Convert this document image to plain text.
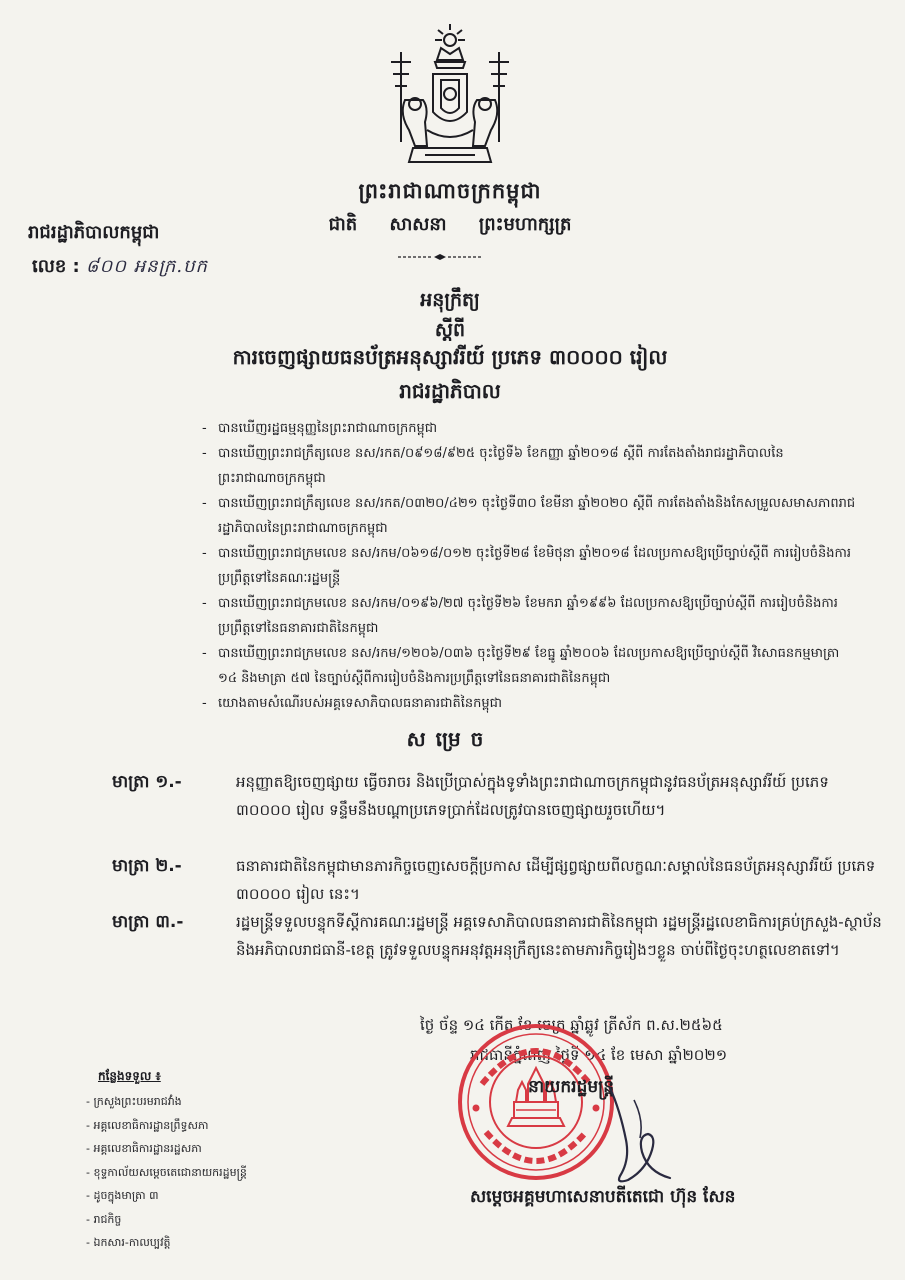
ព្រះរាជាណាចក្រកម្ពុជា
ជាតិ សាសនា ព្រះមហាក្សត្រ
រាជរដ្ឋាភិបាលកម្ពុជា
លេខ : ៨០០ អនក្រ.បក
អនុក្រឹត្យ
ស្តីពី
ការចេញផ្សាយធនប័ត្រអនុស្សាវរីយ៍ ប្រភេទ ៣០០០០ រៀល
រាជរដ្ឋាភិបាល
- បានឃើញរដ្ឋធម្មនុញ្ញនៃព្រះរាជាណាចក្រកម្ពុជា
- បានឃើញព្រះរាជក្រឹត្យលេខ នស/រកត/០៩១៨/៩២៥ ចុះថ្ងៃទី៦ ខែកញ្ញា ឆ្នាំ២០១៨ ស្តីពី ការតែងតាំងរាជរដ្ឋាភិបាលនៃព្រះរាជាណាចក្រកម្ពុជា
- បានឃើញព្រះរាជក្រឹត្យលេខ នស/រកត/០៣២០/៤២១ ចុះថ្ងៃទី៣០ ខែមីនា ឆ្នាំ២០២០ ស្តីពី ការតែងតាំងនិងកែសម្រួលសមាសភាពរាជរដ្ឋាភិបាលនៃព្រះរាជាណាចក្រកម្ពុជា
- បានឃើញព្រះរាជក្រមលេខ នស/រកម/០៦១៨/០១២ ចុះថ្ងៃទី២៨ ខែមិថុនា ឆ្នាំ២០១៨ ដែលប្រកាសឱ្យប្រើច្បាប់ស្តីពី ការរៀបចំនិងការប្រព្រឹត្តទៅនៃគណៈរដ្ឋមន្ត្រី
- បានឃើញព្រះរាជក្រមលេខ នស/រកម/០១៩៦/២៧ ចុះថ្ងៃទី២៦ ខែមករា ឆ្នាំ១៩៩៦ ដែលប្រកាសឱ្យប្រើច្បាប់ស្តីពី ការរៀបចំនិងការប្រព្រឹត្តទៅនៃធនាគារជាតិនៃកម្ពុជា
- បានឃើញព្រះរាជក្រមលេខ នស/រកម/១២០៦/០៣៦ ចុះថ្ងៃទី២៩ ខែធ្នូ ឆ្នាំ២០០៦ ដែលប្រកាសឱ្យប្រើច្បាប់ស្តីពី វិសោធនកម្មមាត្រា ១៤ និងមាត្រា ៥៧ នៃច្បាប់ស្តីពីការរៀបចំនិងការប្រព្រឹត្តទៅនៃធនាគារជាតិនៃកម្ពុជា
- យោងតាមសំណើរបស់អគ្គទេសាភិបាលធនាគារជាតិនៃកម្ពុជា
សម្រេច
មាត្រា ១.-	អនុញ្ញាតឱ្យចេញផ្សាយ ធ្វើចរាចរ និងប្រើប្រាស់ក្នុងទូទាំងព្រះរាជាណាចក្រកម្ពុជានូវធនប័ត្រអនុស្សាវរីយ៍ ប្រភេទ ៣០០០០ រៀល ទន្ទឹមនឹងបណ្តាប្រភេទប្រាក់ដែលត្រូវបានចេញផ្សាយរួចហើយ។
មាត្រា ២.-	ធនាគារជាតិនៃកម្ពុជាមានភារកិច្ចចេញសេចក្តីប្រកាស ដើម្បីផ្សព្វផ្សាយពីលក្ខណៈសម្គាល់នៃធនប័ត្រអនុស្សាវរីយ៍ ប្រភេទ ៣០០០០ រៀល នេះ។
មាត្រា ៣.-	រដ្ឋមន្ត្រីទទួលបន្ទុកទីស្តីការគណៈរដ្ឋមន្ត្រី អគ្គទេសាភិបាលធនាគារជាតិនៃកម្ពុជា រដ្ឋមន្ត្រីរដ្ឋលេខាធិការគ្រប់ក្រសួង-ស្ថាប័ន និងអភិបាលរាជធានី-ខេត្ត ត្រូវទទួលបន្ទុកអនុវត្តអនុក្រឹត្យនេះតាមភារកិច្ចរៀងៗខ្លួន ចាប់ពីថ្ងៃចុះហត្ថលេខាតទៅ។
ថ្ងៃ ច័ន្ទ ១៤ កើត ខែ ចេត្រ ឆ្នាំឆ្លូវ ត្រីស័ក ព.ស.២៥៦៥
រាជធានីភ្នំពេញ ថ្ងៃទី ១៤ ខែ មេសា ឆ្នាំ២០២១
នាយករដ្ឋមន្ត្រី
សម្តេចអគ្គមហាសេនាបតីតេជោ ហ៊ុន សែន
កន្លែងទទួល ៖
- ក្រសួងព្រះបរមរាជវាំង
- អគ្គលេខាធិការដ្ឋានព្រឹទ្ធសភា
- អគ្គលេខាធិការដ្ឋានរដ្ឋសភា
- ខុទ្ទកាល័យសម្តេចតេជោនាយករដ្ឋមន្ត្រី
- ដូចក្នុងមាត្រា ៣
- រាជកិច្ច
- ឯកសារ-កាលប្បវត្តិ
